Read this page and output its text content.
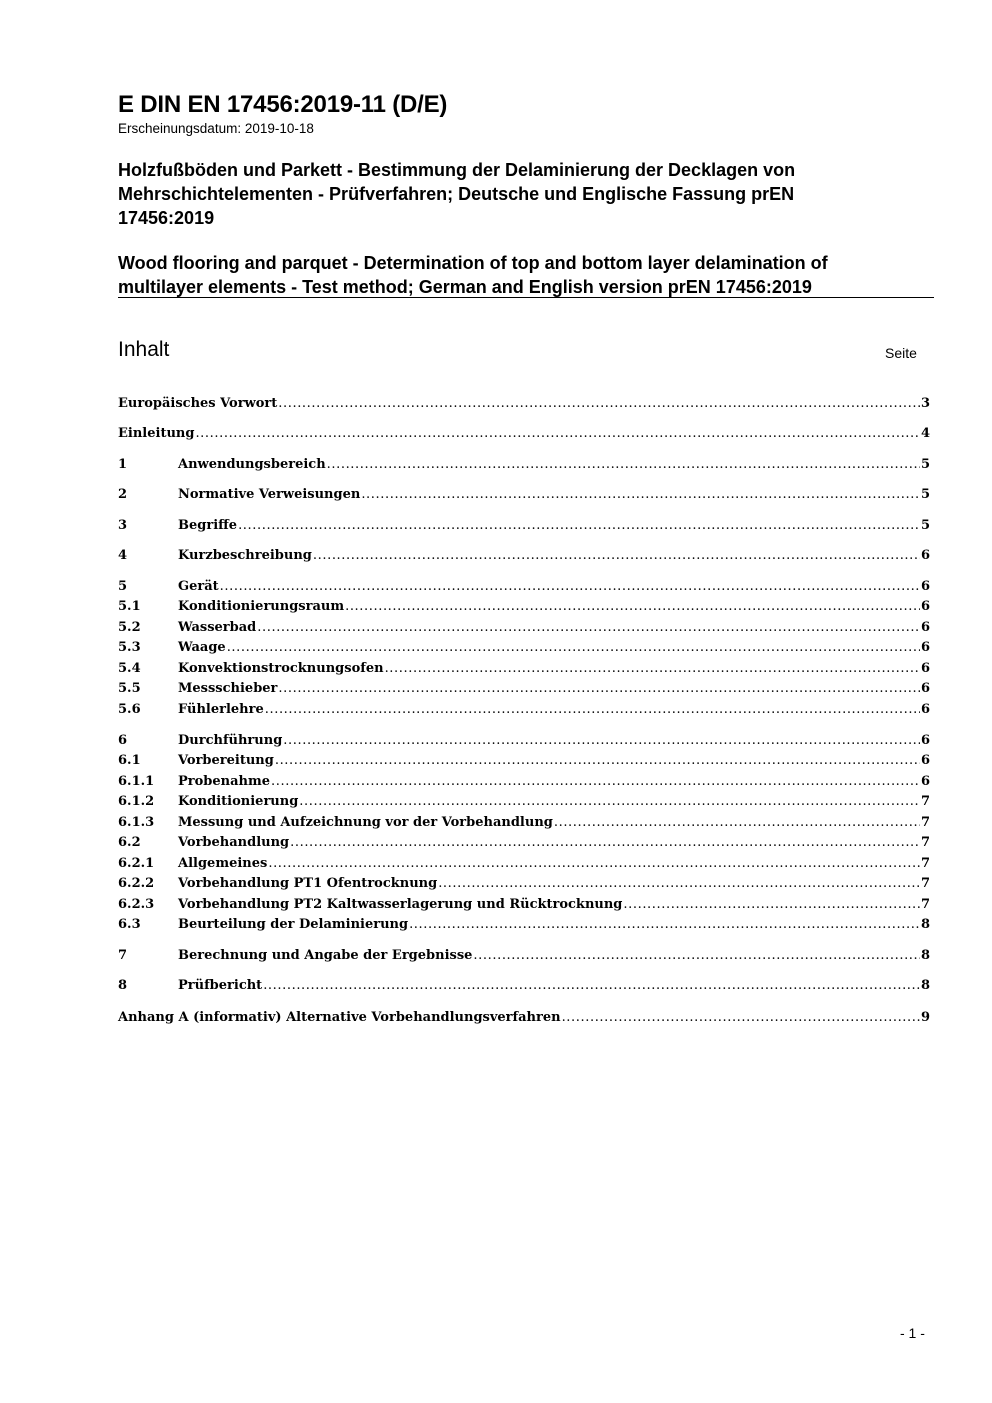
E DIN EN 17456:2019-11 (D/E)
Erscheinungsdatum: 2019-10-18
Holzfußböden und Parkett - Bestimmung der Delaminierung der Decklagen von
Mehrschichtelementen - Prüfverfahren; Deutsche und Englische Fassung prEN
17456:2019
Wood flooring and parquet - Determination of top and bottom layer delamination of
multilayer elements - Test method; German and English version prEN 17456:2019
Inhalt	Seite
Europäisches Vorwort .....	3
Einleitung .....	4
1	Anwendungsbereich .....	5
2	Normative Verweisungen .....	5
3	Begriffe .....	5
4	Kurzbeschreibung .....	6
5	Gerät .....	6
5.1	Konditionierungsraum .....	6
5.2	Wasserbad .....	6
5.3	Waage .....	6
5.4	Konvektionstrocknungsofen .....	6
5.5	Messschieber .....	6
5.6	Fühlerlehre .....	6
6	Durchführung .....	6
6.1	Vorbereitung .....	6
6.1.1	Probenahme .....	6
6.1.2	Konditionierung .....	7
6.1.3	Messung und Aufzeichnung vor der Vorbehandlung .....	7
6.2	Vorbehandlung .....	7
6.2.1	Allgemeines .....	7
6.2.2	Vorbehandlung PT1 Ofentrocknung .....	7
6.2.3	Vorbehandlung PT2 Kaltwasserlagerung und Rücktrocknung .....	7
6.3	Beurteilung der Delaminierung .....	8
7	Berechnung und Angabe der Ergebnisse .....	8
8	Prüfbericht .....	8
Anhang A (informativ) Alternative Vorbehandlungsverfahren .....	9
- 1 -
